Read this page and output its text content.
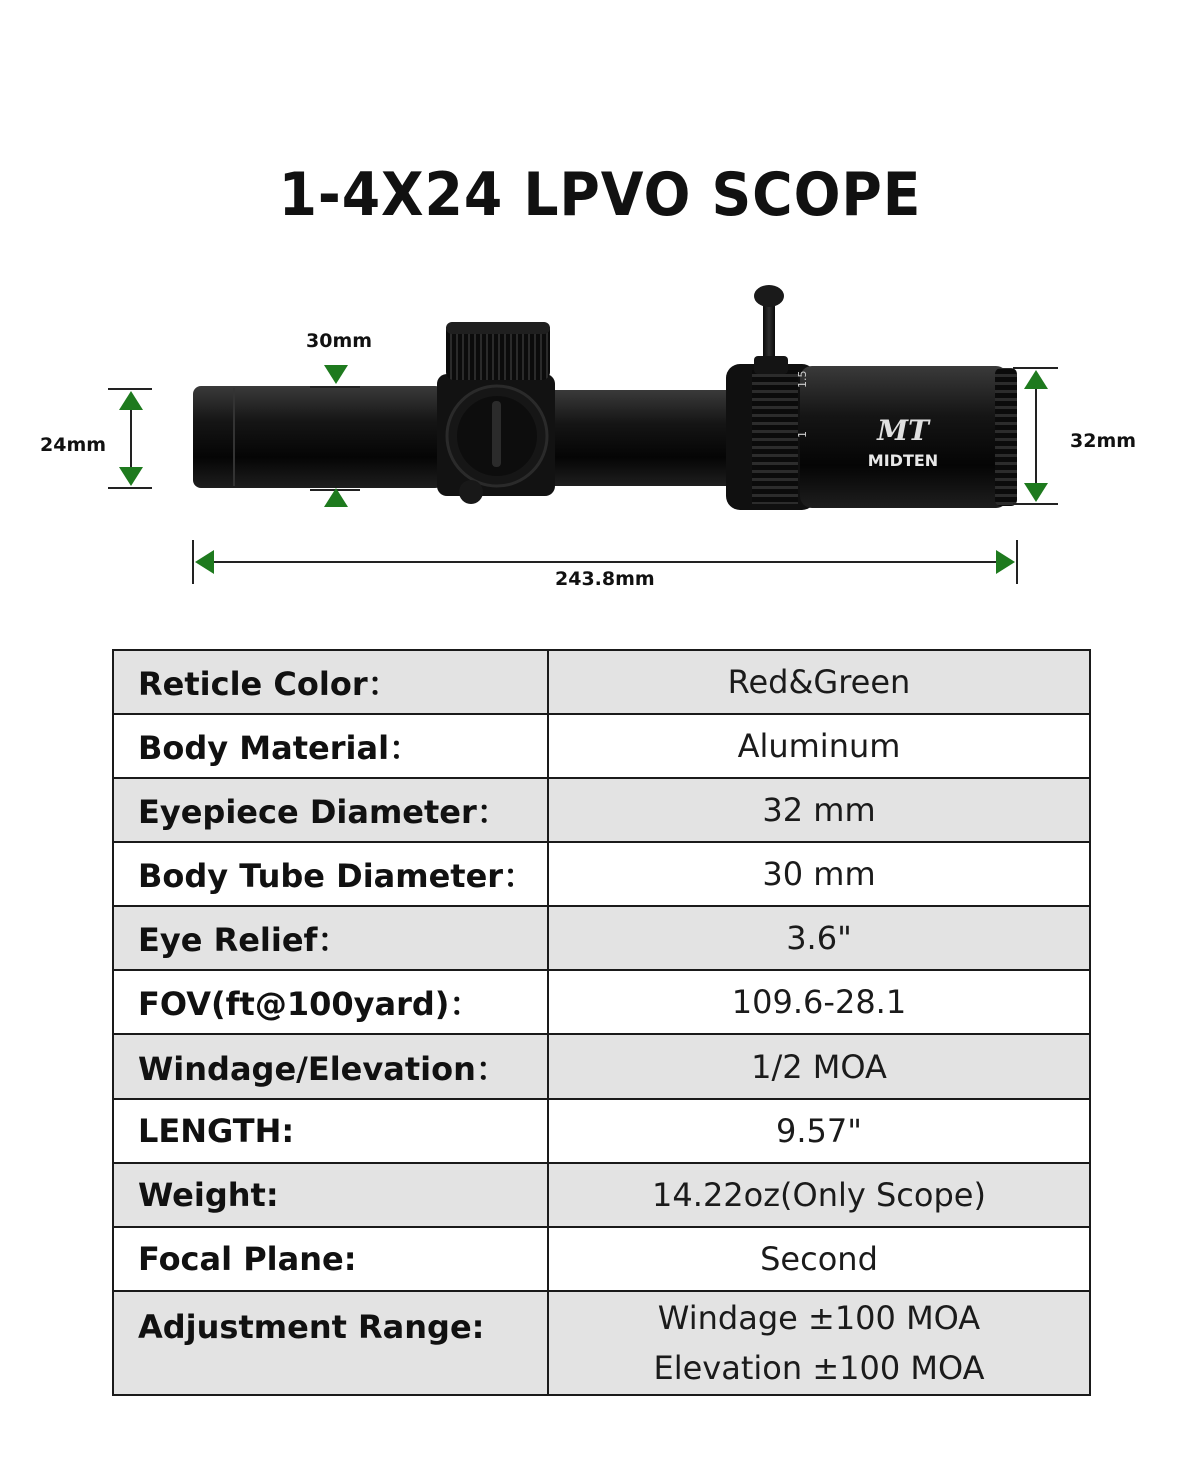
1-4X24 LPVO SCOPE
1
1.5
MT
MIDTEN
24mm
30mm
32mm
243.8mm
Reticle Color：	Red&Green
Body Material：	Aluminum
Eyepiece Diameter：	32 mm
Body Tube Diameter：	30 mm
Eye Relief：	3.6"
FOV(ft@100yard)：	109.6-28.1
Windage/Elevation：	1/2 MOA
LENGTH:	9.57"
Weight:	14.22oz(Only Scope)
Focal Plane:	Second
Adjustment Range:	Windage ±100 MOA
Elevation ±100 MOA
